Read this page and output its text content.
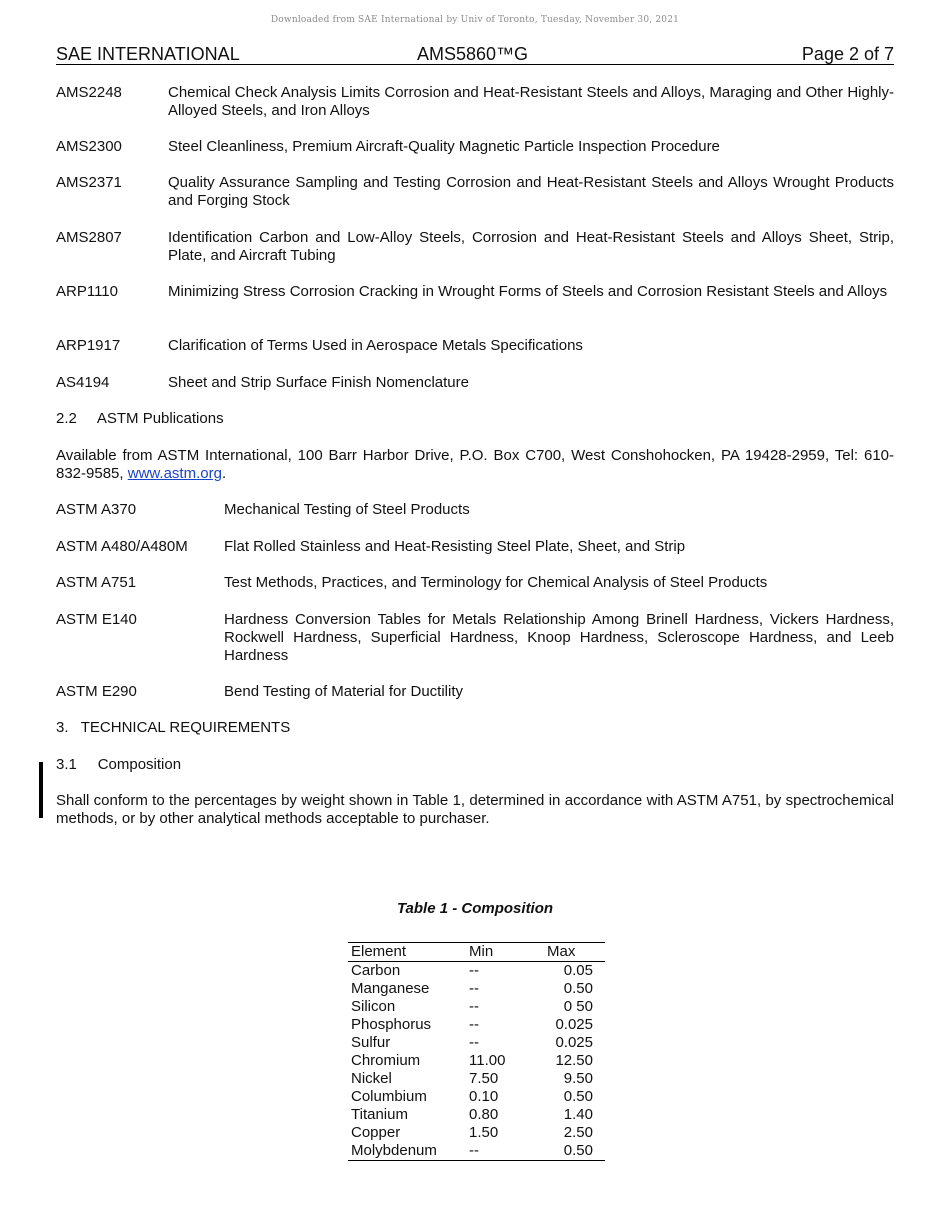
Downloaded from SAE International by Univ of Toronto, Tuesday, November 30, 2021
SAE INTERNATIONAL	AMS5860™G	Page 2 of 7
AMS2248	Chemical Check Analysis Limits Corrosion and Heat-Resistant Steels and Alloys, Maraging and Other Highly-Alloyed Steels, and Iron Alloys
AMS2300	Steel Cleanliness, Premium Aircraft-Quality Magnetic Particle Inspection Procedure
AMS2371	Quality Assurance Sampling and Testing Corrosion and Heat-Resistant Steels and Alloys Wrought Products and Forging Stock
AMS2807	Identification Carbon and Low-Alloy Steels, Corrosion and Heat-Resistant Steels and Alloys Sheet, Strip, Plate, and Aircraft Tubing
ARP1110	Minimizing Stress Corrosion Cracking in Wrought Forms of Steels and Corrosion Resistant Steels and Alloys
ARP1917	Clarification of Terms Used in Aerospace Metals Specifications
AS4194	Sheet and Strip Surface Finish Nomenclature
2.2     ASTM Publications
Available from ASTM International, 100 Barr Harbor Drive, P.O. Box C700, West Conshohocken, PA 19428-2959, Tel: 610-832-9585, www.astm.org.
ASTM A370	Mechanical Testing of Steel Products
ASTM A480/A480M Flat Rolled Stainless and Heat-Resisting Steel Plate, Sheet, and Strip
ASTM A751	Test Methods, Practices, and Terminology for Chemical Analysis of Steel Products
ASTM E140	Hardness Conversion Tables for Metals Relationship Among Brinell Hardness, Vickers Hardness, Rockwell Hardness, Superficial Hardness, Knoop Hardness, Scleroscope Hardness, and Leeb Hardness
ASTM E290	Bend Testing of Material for Ductility
3.   TECHNICAL REQUIREMENTS
3.1     Composition
Shall conform to the percentages by weight shown in Table 1, determined in accordance with ASTM A751, by spectrochemical methods, or by other analytical methods acceptable to purchaser.
Table 1 - Composition
Element	Min	Max
Carbon	--	0.05
Manganese	--	0.50
Silicon	--	0 50
Phosphorus	--	0.025
Sulfur	--	0.025
Chromium	11.00	12.50
Nickel	7.50	9.50
Columbium	0.10	0.50
Titanium	0.80	1.40
Copper	1.50	2.50
Molybdenum	--	0.50
